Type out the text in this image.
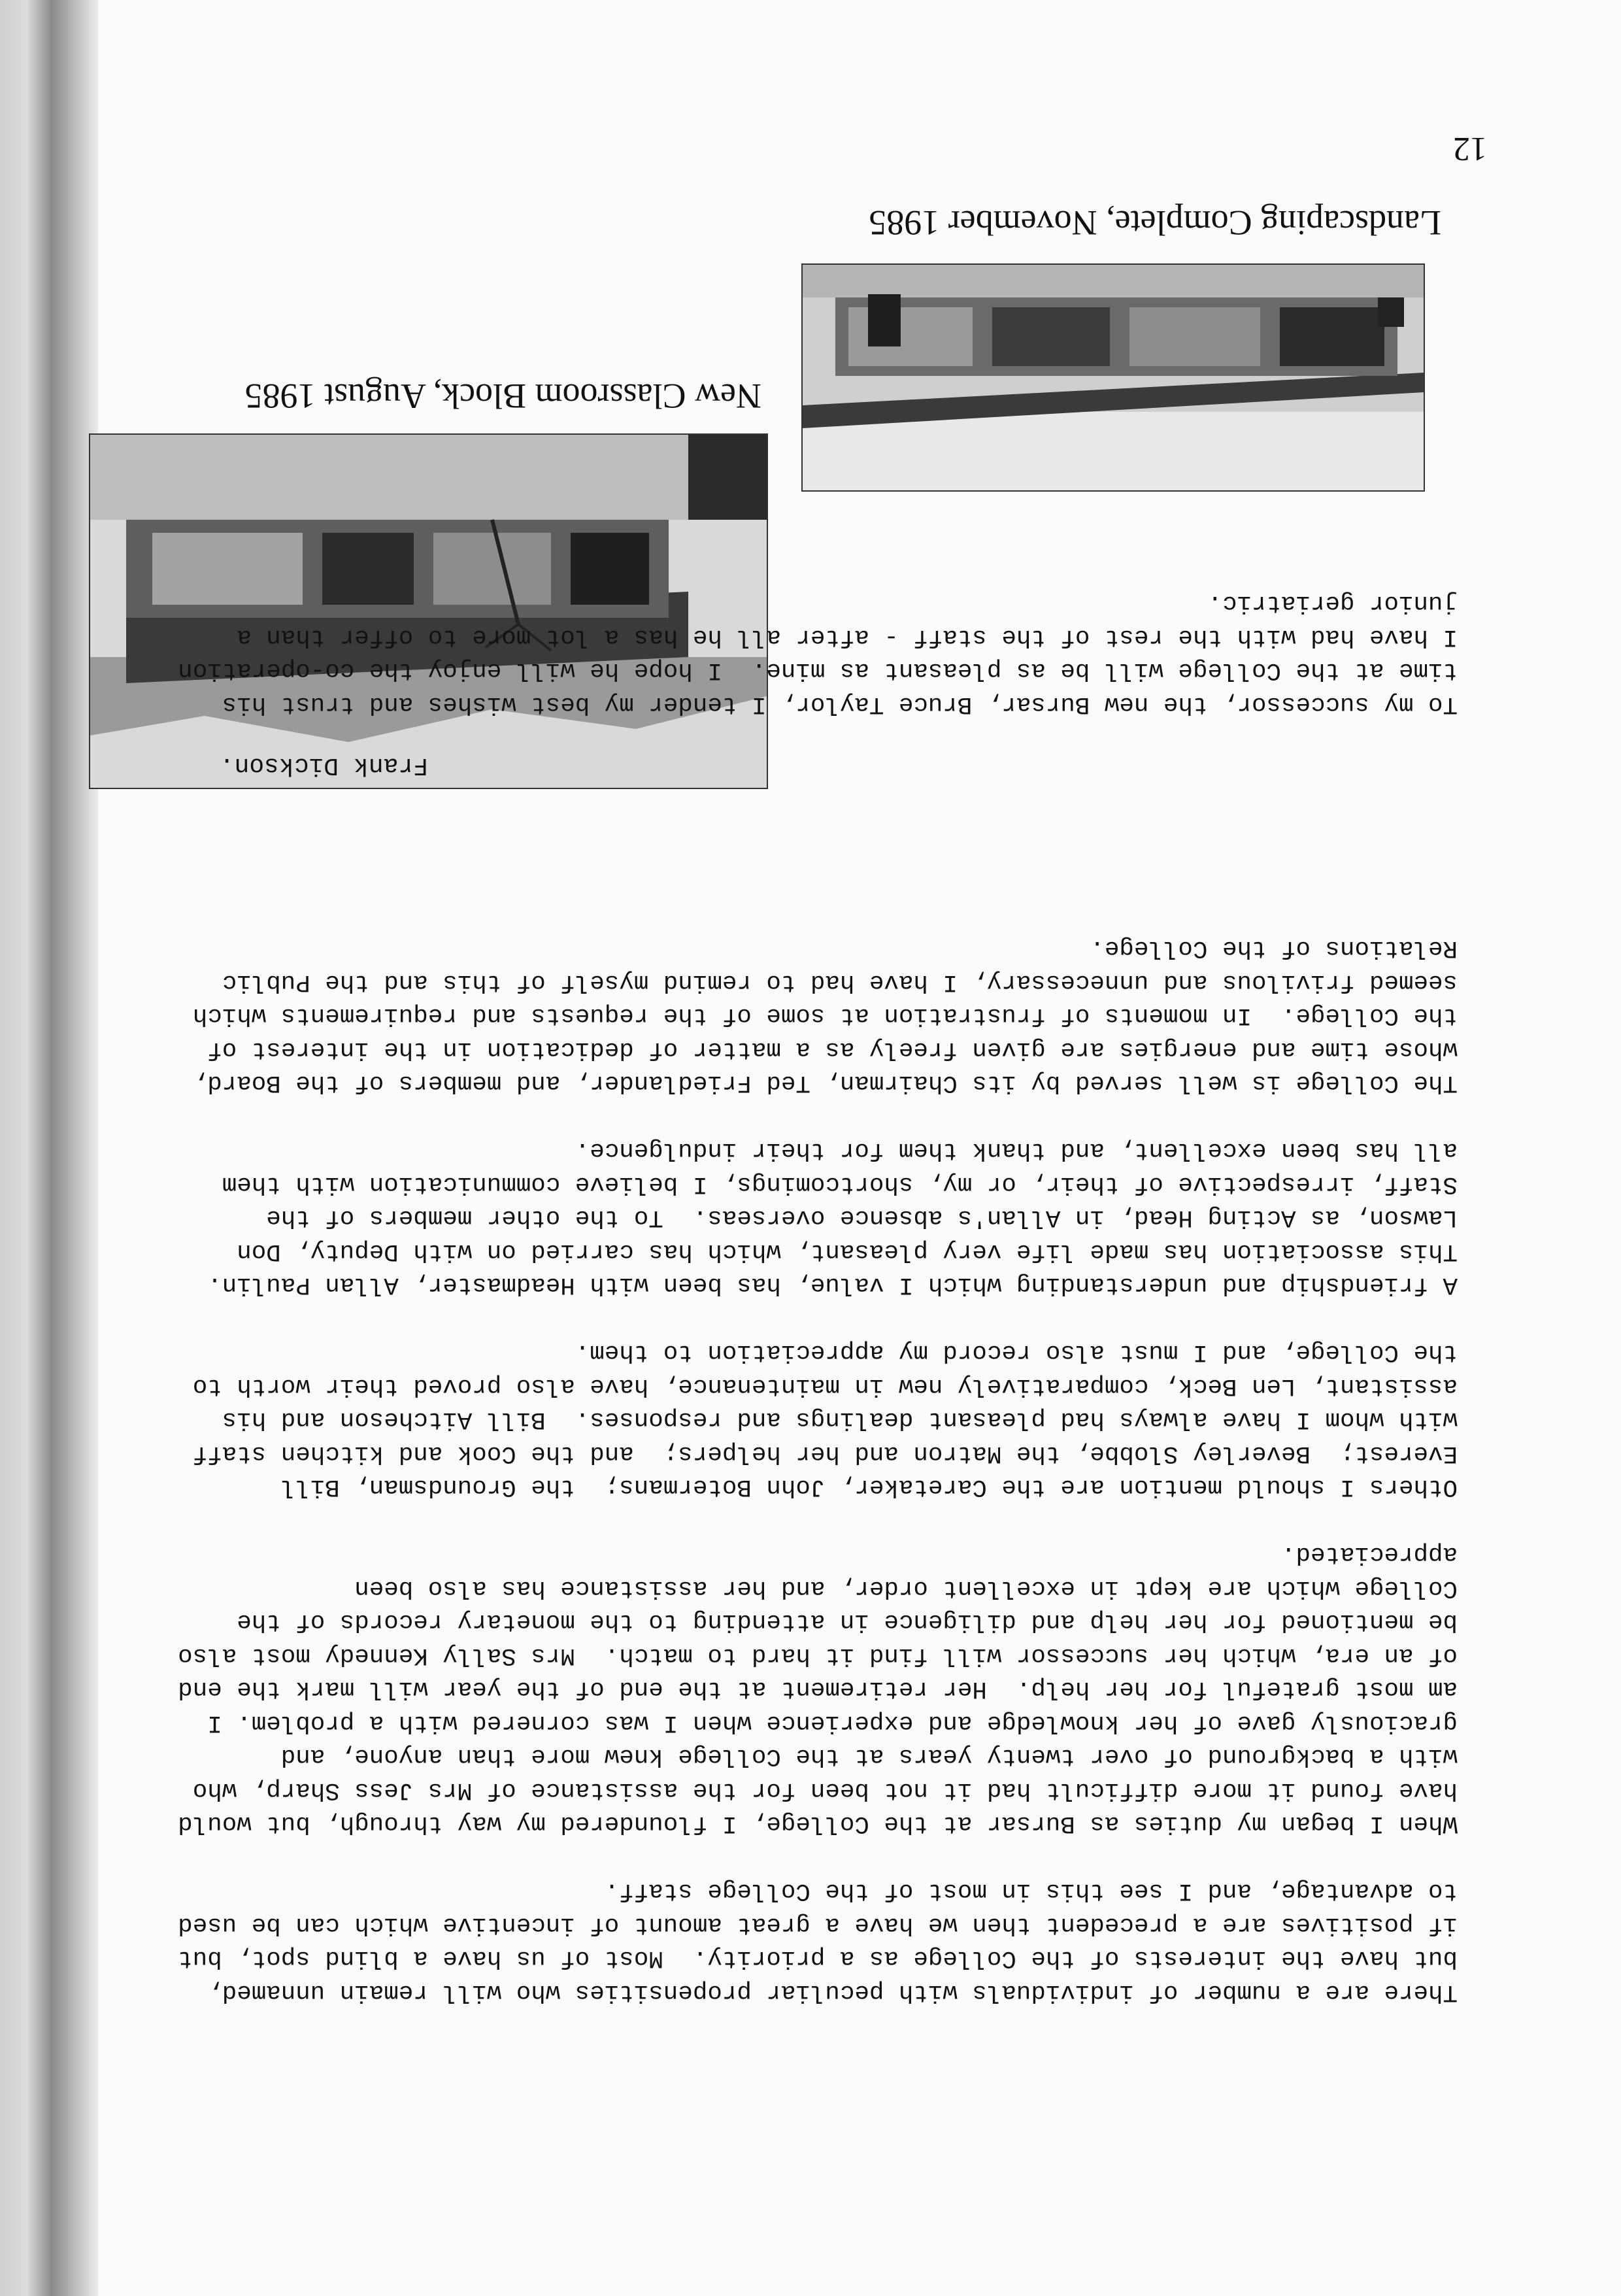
12
Landscaping Complete, November 1985
New Classroom Block, August 1985
Frank Dickson.

To my successor, the new Bursar, Bruce Taylor, I tender my best wishes and trust his time at the College will be as pleasant as mine.  I hope he will enjoy the co-operation I have had with the rest of the staff - after all he has a lot more to offer than a junior geriatric.

There are a number of individuals with peculiar propensities who will remain unnamed, but have the interests of the College as a priority.  Most of us have a blind spot, but if positives are a precedent then we have a great amount of incentive which can be used to advantage, and I see this in most of the College staff.

When I began my duties as Bursar at the College, I floundered my way through, but would have found it more difficult had it not been for the assistance of Mrs Jess Sharp, who with a background of over twenty years at the College knew more than anyone, and graciously gave of her knowledge and experience when I was cornered with a problem. I am most grateful for her help.  Her retirement at the end of the year will mark the end of an era, which her successor will find it hard to match.  Mrs Sally Kennedy most also be mentioned for her help and diligence in attending to the monetary records of the College which are kept in excellent order, and her assistance has also been appreciated.

Others I should mention are the Caretaker, John Botermans;  the Groundsman, Bill Everest;  Beverley Slobbe, the Matron and her helpers;  and the Cook and kitchen staff with whom I have always had pleasant dealings and responses.  Bill Aitcheson and his assistant, Len Beck, comparatively new in maintenance, have also proved their worth to the College, and I must also record my appreciation to them.

A friendship and understanding which I value, has been with Headmaster, Allan Paulin.  This association has made life very pleasant, which has carried on with Deputy, Don Lawson, as Acting Head, in Allan's absence overseas.  To the other members of the Staff, irrespective of their, or my, shortcomings, I believe communication with them all has been excellent, and thank them for their indulgence.

The College is well served by its Chairman, Ted Friedlander, and members of the Board, whose time and energies are given freely as a matter of dedication in the interest of the College.  In moments of frustration at some of the requests and requirements which seemed frivilous and unnecessary, I have had to remind myself of this and the Public Relations of the College.
